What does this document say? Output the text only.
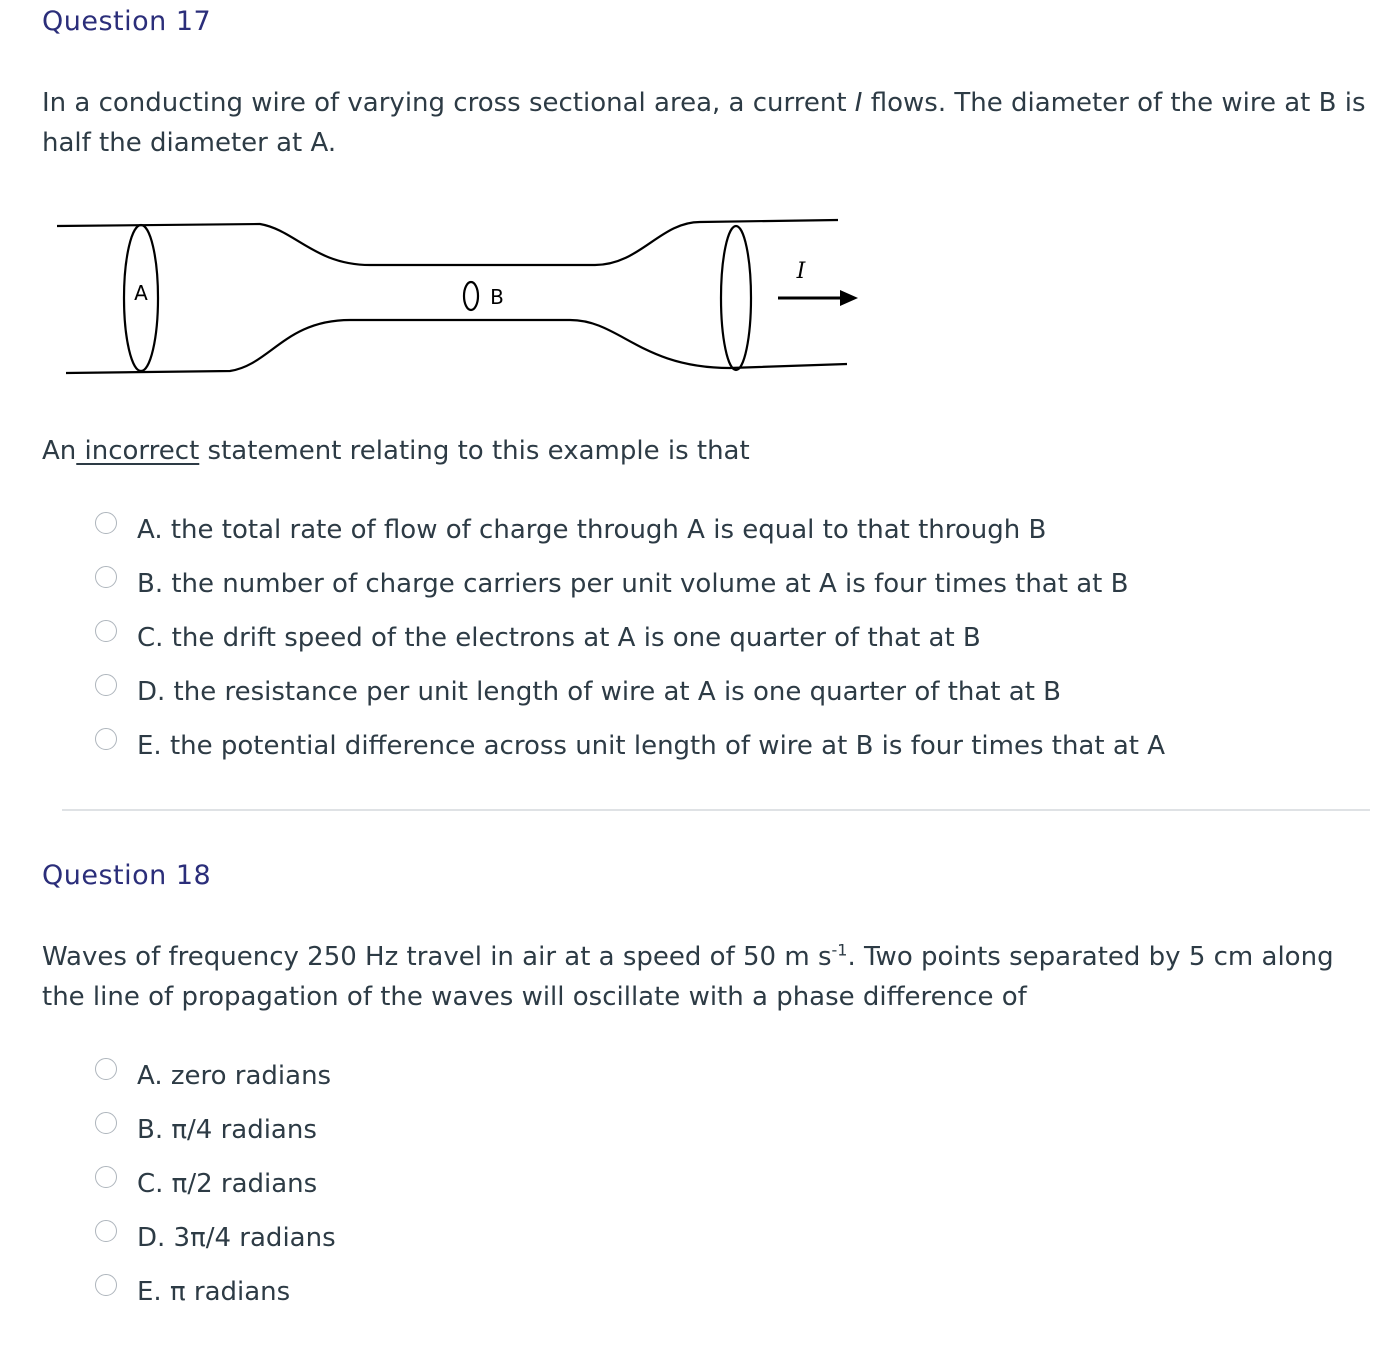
Question 17
In a conducting wire of varying cross sectional area, a current I flows. The diameter of the wire at B is half the diameter at A.
A	B
I
An incorrect statement relating to this example is that
A. the total rate of flow of charge through A is equal to that through B
B. the number of charge carriers per unit volume at A is four times that at B
C. the drift speed of the electrons at A is one quarter of that at B
D. the resistance per unit length of wire at A is one quarter of that at B
E. the potential difference across unit length of wire at B is four times that at A
Question 18
Waves of frequency 250 Hz travel in air at a speed of 50 m $s^{-1}$. Two points separated by 5 cm along the line of propagation of the waves will oscillate with a phase difference of
A. zero radians
B. π/4 radians
C. π/2 radians
D. 3π/4 radians
E. π radians
